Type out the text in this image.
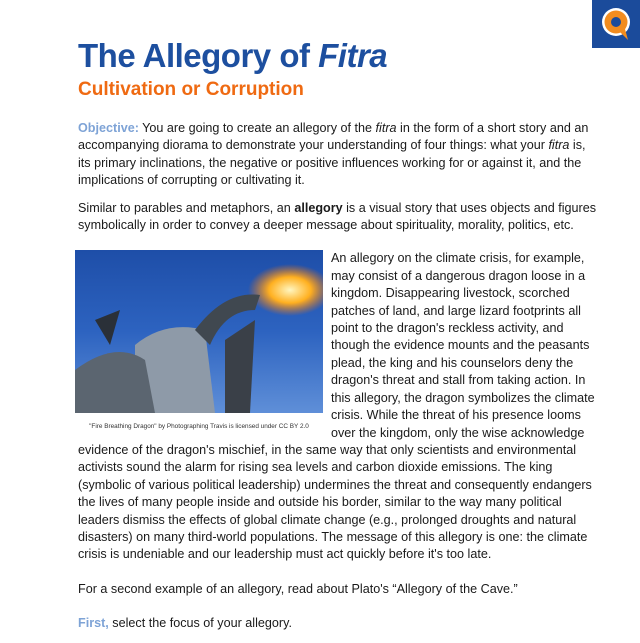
The Allegory of Fitra
Cultivation or Corruption

Objective: You are going to create an allegory of the fitra in the form of a short story and an accompanying diorama to demonstrate your understanding of four things: what your fitra is, its primary inclinations, the negative or positive influences working for or against it, and the implications of corrupting or cultivating it.

Similar to parables and metaphors, an allegory is a visual story that uses objects and figures symbolically in order to convey a deeper message about spirituality, morality, politics, etc.

"Fire Breathing Dragon" by Photographing Travis is licensed under CC BY 2.0

An allegory on the climate crisis, for example, may consist of a dangerous dragon loose in a kingdom. Disappearing livestock, scorched patches of land, and large lizard footprints all point to the dragon's reckless activity, and though the evidence mounts and the peasants plead, the king and his counselors deny the dragon's threat and stall from taking action. In this allegory, the dragon symbolizes the climate crisis. While the threat of his presence looms over the kingdom, only the wise acknowledge evidence of the dragon's mischief, in the same way that only scientists and environmental activists sound the alarm for rising sea levels and carbon dioxide emissions. The king (symbolic of various political leadership) undermines the threat and consequently endangers the lives of many people inside and outside his border, similar to the way many political leaders dismiss the effects of global climate change (e.g., prolonged droughts and natural disasters) on many third-world populations. The message of this allegory is one: the climate crisis is undeniable and our leadership must act quickly before it's too late.

For a second example of an allegory, read about Plato's “Allegory of the Cave.”

First, select the focus of your allegory.
